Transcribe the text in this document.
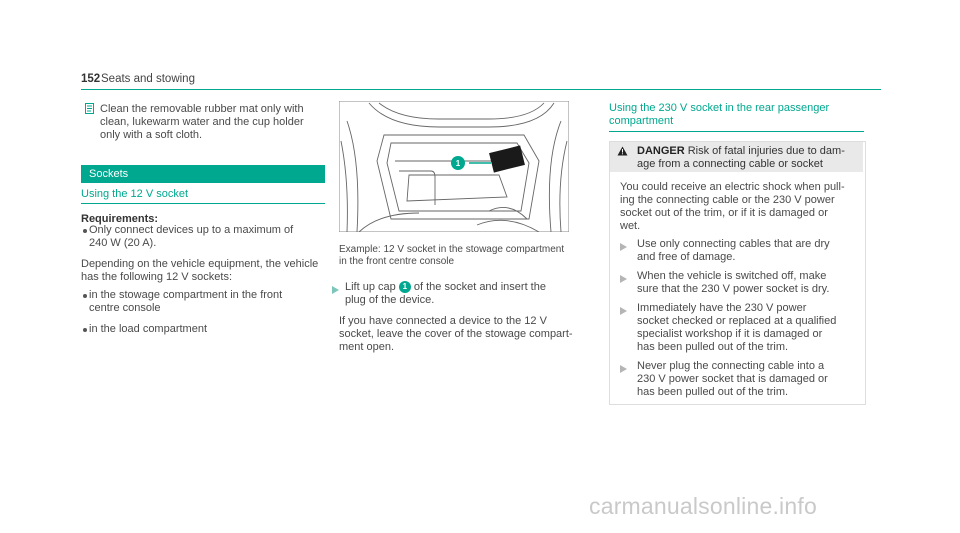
152 Seats and stowing
Clean the removable rubber mat only with
clean, lukewarm water and the cup holder
only with a soft cloth.
Sockets
Using the 12 V socket
Requirements:
Only connect devices up to a maximum of
240 W (20 A).
Depending on the vehicle equipment, the vehicle
has the following 12 V sockets:
in the stowage compartment in the front
centre console
in the load compartment
1
Example: 12 V socket in the stowage compartment
in the front centre console
Lift up cap 1 of the socket and insert the
plug of the device.
If you have connected a device to the 12 V
socket, leave the cover of the stowage compart-
ment open.
Using the 230 V socket in the rear passenger
compartment
DANGER Risk of fatal injuries due to dam-
age from a connecting cable or socket
You could receive an electric shock when pull-
ing the connecting cable or the 230 V power
socket out of the trim, or if it is damaged or
wet.
Use only connecting cables that are dry
and free of damage.
When the vehicle is switched off, make
sure that the 230 V power socket is dry.
Immediately have the 230 V power
socket checked or replaced at a qualified
specialist workshop if it is damaged or
has been pulled out of the trim.
Never plug the connecting cable into a
230 V power socket that is damaged or
has been pulled out of the trim.
carmanualsonline.info
